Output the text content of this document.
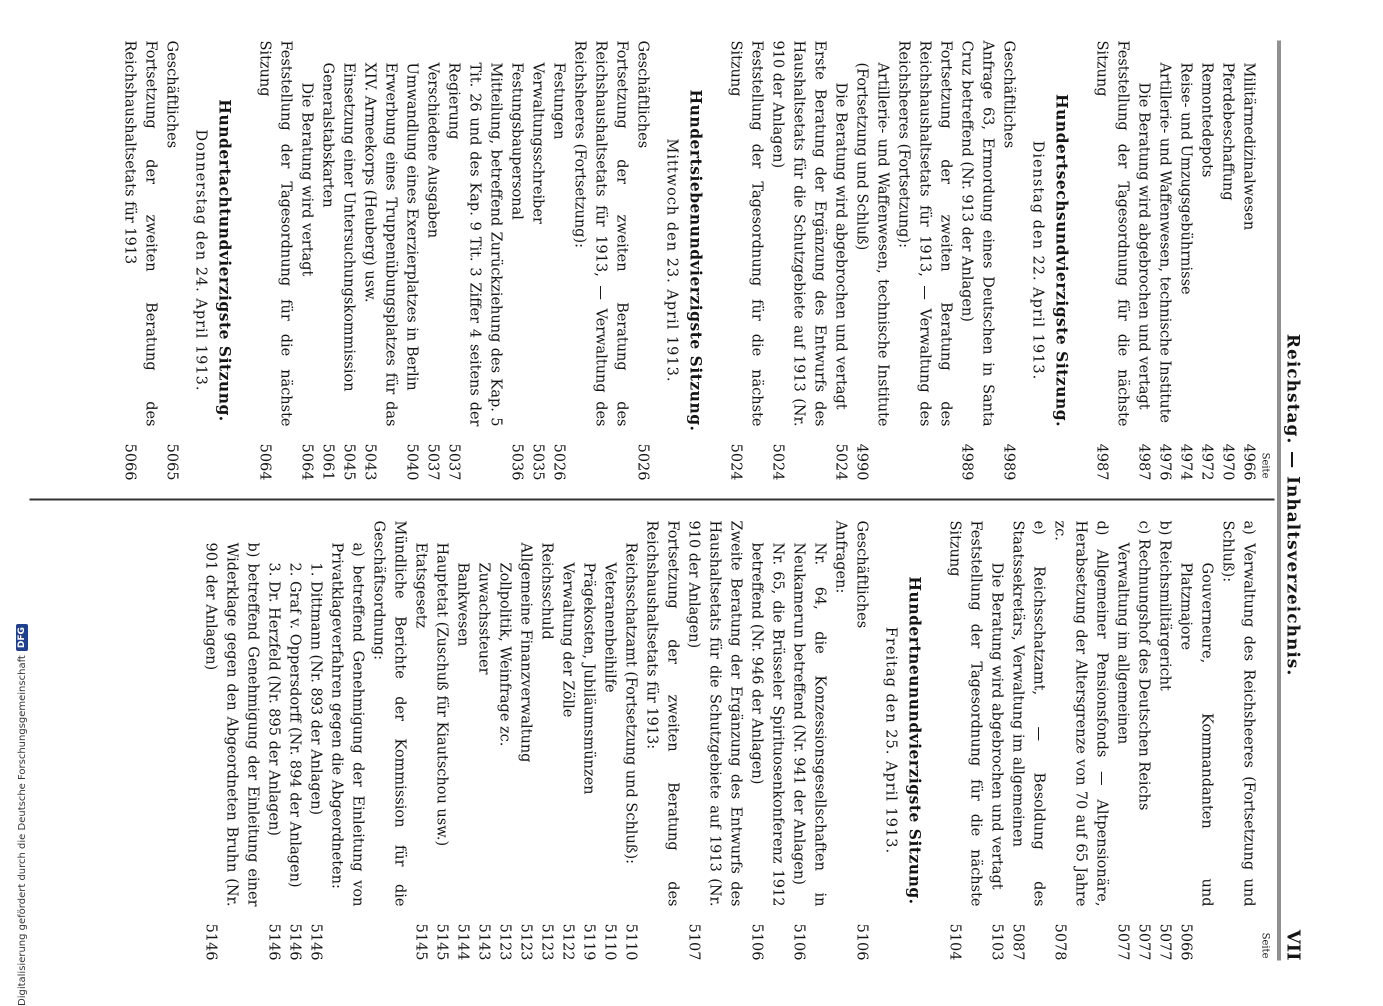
Reichstag. — Inhaltsverzeichnis.
VII
Seite
Militärmedizinalwesen
4966
Pferdebeschaffung
4970
Remontedepots
4972
Reise- und Umzugsgebührnisse
4974
Artillerie- und Waffenwesen, technische Institute
4976
Die Beratung wird abgebrochen und vertagt
4987
Feststellung der Tagesordnung für die nächste Sitzung
4987
Hundertsechsundvierzigste Sitzung.
Dienstag den 22. April 1913.
Geschäftliches
4989
Anfrage 63, Ermordung eines Deutschen in Santa Cruz betreffend (Nr. 913 der Anlagen)
4989
Fortsetzung der zweiten Beratung des Reichshaushaltsetats für 1913, — Verwaltung des Reichsheeres (Fortsetzung):
Artillerie- und Waffenwesen, technische Institute (Fortsetzung und Schluß)
4990
Die Beratung wird abgebrochen und vertagt
5024
Erste Beratung der Ergänzung des Entwurfs des Haushaltsetats für die Schutzgebiete auf 1913 (Nr. 910 der Anlagen)
5024
Feststellung der Tagesordnung für die nächste Sitzung
5024
Hundertsiebenundvierzigste Sitzung.
Mittwoch den 23. April 1913.
Geschäftliches
5026
Fortsetzung der zweiten Beratung des Reichshaushaltsetats für 1913, — Verwaltung des Reichsheeres (Fortsetzung):
Festungen
5026
Verwaltungsschreiber
5035
Festungsbaupersonal
5036
Mitteilung, betreffend Zurückziehung des Kap. 5 Tit. 26 und des Kap. 9 Tit. 3 Ziffer 4 seitens der Regierung
5037
Verschiedene Ausgaben
5037
Umwandlung eines Exerzierplatzes in Berlin
5040
Erwerbung eines Truppenübungsplatzes für das XIV. Armeekorps (Heuberg) usw.
5043
Einsetzung einer Untersuchungskommission
5045
Generalstabskarten
5061
Die Beratung wird vertagt
5064
Feststellung der Tagesordnung für die nächste Sitzung
5064
Hundertachtundvierzigste Sitzung.
Donnerstag den 24. April 1913.
Geschäftliches
5065
Fortsetzung der zweiten Beratung des Reichshaushaltsetats für 1913
5066
Seite
a) Verwaltung des Reichsheeres (Fortsetzung und Schluß):
Gouverneure, Kommandanten und Platzmajore
5066
b) Reichsmilitärgericht
5077
c) Rechnungshof des Deutschen Reichs
5077
Verwaltung im allgemeinen
5077
d) Allgemeiner Pensionsfonds — Altpensionäre, Herabsetzung der Altersgrenze von 70 auf 65 Jahre zc.
5078
e) Reichsschatzamt, — Besoldung des Staatssekretärs, Verwaltung im allgemeinen
5087
Die Beratung wird abgebrochen und vertagt
5103
Feststellung der Tagesordnung für die nächste Sitzung
5104
Hundertneunundvierzigste Sitzung.
Freitag den 25. April 1913.
Geschäftliches
5106
Anfragen:
Nr. 64, die Konzessionsgesellschaften in Neukamerun betreffend (Nr. 941 der Anlagen)
5106
Nr. 65, die Brüsseler Spirituosenkonferenz 1912 betreffend (Nr. 946 der Anlagen)
5106
Zweite Beratung der Ergänzung des Entwurfs des Haushaltsetats für die Schutzgebiete auf 1913 (Nr. 910 der Anlagen)
5107
Fortsetzung der zweiten Beratung des Reichshaushaltsetats für 1913:
Reichsschatzamt (Fortsetzung und Schluß):
5110
Veteranenbeihilfe
5110
Prägekosten, Jubiläumsmünzen
5119
Verwaltung der Zölle
5122
Reichsschuld
5123
Allgemeine Finanzverwaltung
5123
Zollpolitik, Weinfrage zc.
5123
Zuwachssteuer
5143
Bankwesen
5144
Hauptetat (Zuschuß für Kiautschou usw.)
5145
Etatsgesetz
5145
Mündliche Berichte der Kommission für die Geschäftsordnung:
a) betreffend Genehmigung der Einleitung von Privatklageverfahren gegen die Abgeordneten:
1. Dittmann (Nr. 893 der Anlagen)
5146
2. Graf v. Oppersdorff (Nr. 894 der Anlagen)
5146
3. Dr. Herzfeld (Nr. 895 der Anlagen)
5146
b) betreffend Genehmigung der Einleitung einer Widerklage gegen den Abgeordneten Bruhn (Nr. 901 der Anlagen)
5146
Digitalisierung gefördert durch die Deutsche Forschungsgemeinschaft
DFG
